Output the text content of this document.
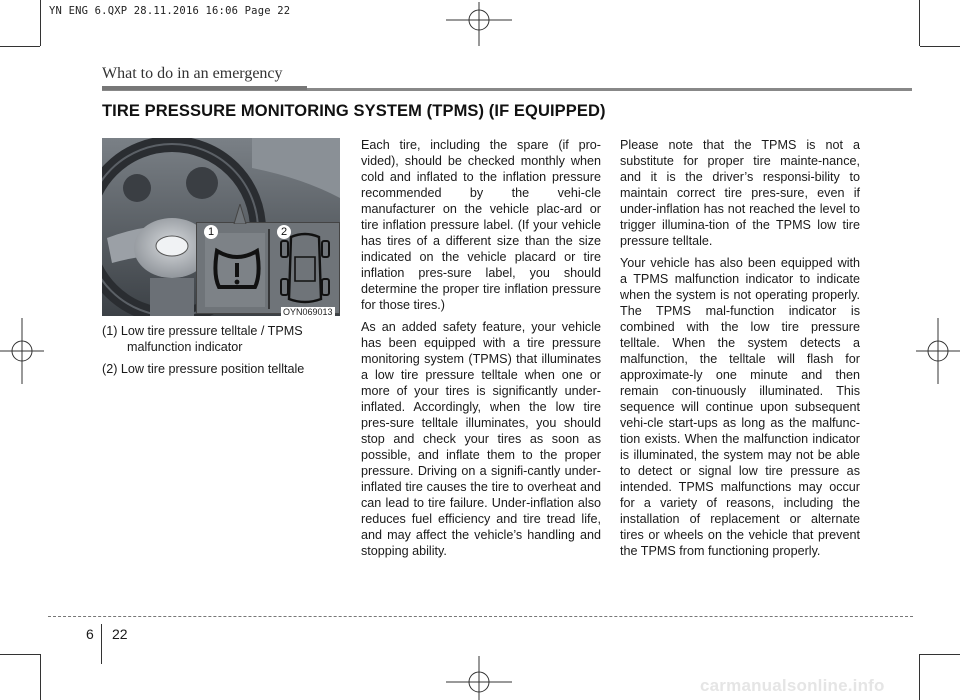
YN ENG 6.QXP 28.11.2016 16:06 Page 22
What to do in an emergency
TIRE PRESSURE MONITORING SYSTEM (TPMS) (IF EQUIPPED)
1	2
OYN069013
(1) Low tire pressure telltale / TPMS malfunction indicator
(2) Low tire pressure position telltale

Each tire, including the spare (if pro-vided), should be checked monthly when cold and inflated to the inflation pressure recommended by the vehi-cle manufacturer on the vehicle plac-ard or tire inflation pressure label. (If your vehicle has tires of a different size than the size indicated on the vehicle placard or tire inflation pres-sure label, you should determine the proper tire inflation pressure for those tires.)

As an added safety feature, your vehicle has been equipped with a tire pressure monitoring system (TPMS) that illuminates a low tire pressure telltale when one or more of your tires is significantly under-inflated. Accordingly, when the low tire pres-sure telltale illuminates, you should stop and check your tires as soon as possible, and inflate them to the proper pressure. Driving on a signifi-cantly under-inflated tire causes the tire to overheat and can lead to tire failure. Under-inflation also reduces fuel efficiency and tire tread life, and may affect the vehicle’s handling and stopping ability.

Please note that the TPMS is not a substitute for proper tire mainte-nance, and it is the driver’s responsi-bility to maintain correct tire pres-sure, even if under-inflation has not reached the level to trigger illumina-tion of the TPMS low tire pressure telltale.

Your vehicle has also been equipped with a TPMS malfunction indicator to indicate when the system is not operating properly. The TPMS mal-function indicator is combined with the low tire pressure telltale. When the system detects a malfunction, the telltale will flash for approximate-ly one minute and then remain con-tinuously illuminated. This sequence will continue upon subsequent vehi-cle start-ups as long as the malfunc-tion exists. When the malfunction indicator is illuminated, the system may not be able to detect or signal low tire pressure as intended. TPMS malfunctions may occur for a variety of reasons, including the installation of replacement or alternate tires or wheels on the vehicle that prevent the TPMS from functioning properly.

6 22
carmanualsonline.info
